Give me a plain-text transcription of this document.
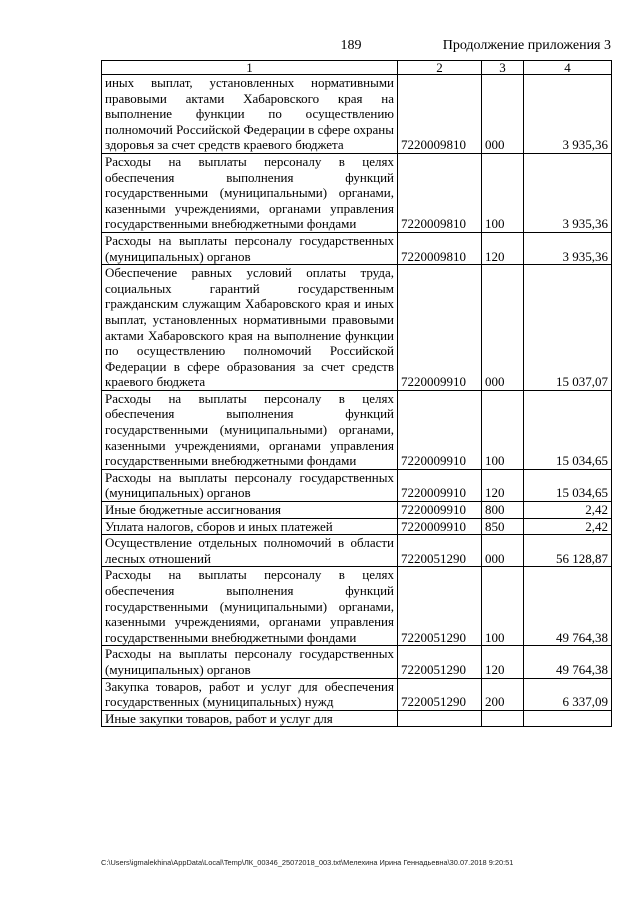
189	Продолжение приложения 3
1	2	3	4
иных выплат, установленных нормативными правовыми актами Хабаровского края на выполнение функции по осуществлению полномочий Российской Федерации в сфере охраны здоровья за счет средств краевого бюджета	7220009810	000	3 935,36
Расходы на выплаты персоналу в целях обеспечения выполнения функций государственными (муниципальными) органами, казенными учреждениями, органами управления государственными внебюджетными фондами	7220009810	100	3 935,36
Расходы на выплаты персоналу государственных (муниципальных) органов	7220009810	120	3 935,36
Обеспечение равных условий оплаты труда, социальных гарантий государственным гражданским служащим Хабаровского края и иных выплат, установленных нормативными правовыми актами Хабаровского края на выполнение функции по осуществлению полномочий Российской Федерации в сфере образования за счет средств краевого бюджета	7220009910	000	15 037,07
Расходы на выплаты персоналу в целях обеспечения выполнения функций государственными (муниципальными) органами, казенными учреждениями, органами управления государственными внебюджетными фондами	7220009910	100	15 034,65
Расходы на выплаты персоналу государственных (муниципальных) органов	7220009910	120	15 034,65
Иные бюджетные ассигнования	7220009910	800	2,42
Уплата налогов, сборов и иных платежей	7220009910	850	2,42
Осуществление отдельных полномочий в области лесных отношений	7220051290	000	56 128,87
Расходы на выплаты персоналу в целях обеспечения выполнения функций государственными (муниципальными) органами, казенными учреждениями, органами управления государственными внебюджетными фондами	7220051290	100	49 764,38
Расходы на выплаты персоналу государственных (муниципальных) органов	7220051290	120	49 764,38
Закупка товаров, работ и услуг для обеспечения государственных (муниципальных) нужд	7220051290	200	6 337,09
Иные закупки товаров, работ и услуг для			
C:\Users\igmalekhina\AppData\Local\Temp\ЛК_00346_25072018_003.txt\Мелехина Ирина Геннадьевна\30.07.2018 9:20:51
